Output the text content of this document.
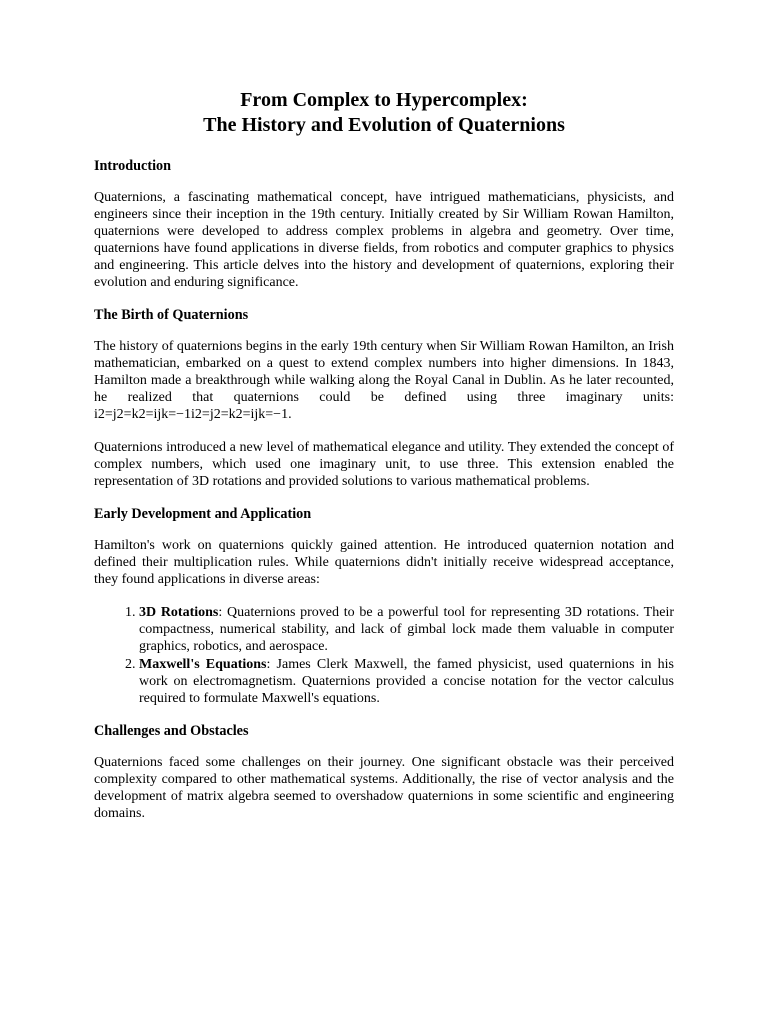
From Complex to Hypercomplex:
The History and Evolution of Quaternions
Introduction

Quaternions, a fascinating mathematical concept, have intrigued mathematicians, physicists, and engineers since their inception in the 19th century. Initially created by Sir William Rowan Hamilton, quaternions were developed to address complex problems in algebra and geometry. Over time, quaternions have found applications in diverse fields, from robotics and computer graphics to physics and engineering. This article delves into the history and development of quaternions, exploring their evolution and enduring significance.

The Birth of Quaternions

The history of quaternions begins in the early 19th century when Sir William Rowan Hamilton, an Irish mathematician, embarked on a quest to extend complex numbers into higher dimensions. In 1843, Hamilton made a breakthrough while walking along the Royal Canal in Dublin. As he later recounted, he realized that quaternions could be defined using three imaginary units: i2=j2=k2=ijk=−1i2=j2=k2=ijk=−1.

Quaternions introduced a new level of mathematical elegance and utility. They extended the concept of complex numbers, which used one imaginary unit, to use three. This extension enabled the representation of 3D rotations and provided solutions to various mathematical problems.

Early Development and Application

Hamilton's work on quaternions quickly gained attention. He introduced quaternion notation and defined their multiplication rules. While quaternions didn't initially receive widespread acceptance, they found applications in diverse areas:

1. 3D Rotations: Quaternions proved to be a powerful tool for representing 3D rotations. Their compactness, numerical stability, and lack of gimbal lock made them valuable in computer graphics, robotics, and aerospace.
2. Maxwell's Equations: James Clerk Maxwell, the famed physicist, used quaternions in his work on electromagnetism. Quaternions provided a concise notation for the vector calculus required to formulate Maxwell's equations.
Challenges and Obstacles

Quaternions faced some challenges on their journey. One significant obstacle was their perceived complexity compared to other mathematical systems. Additionally, the rise of vector analysis and the development of matrix algebra seemed to overshadow quaternions in some scientific and engineering domains.
